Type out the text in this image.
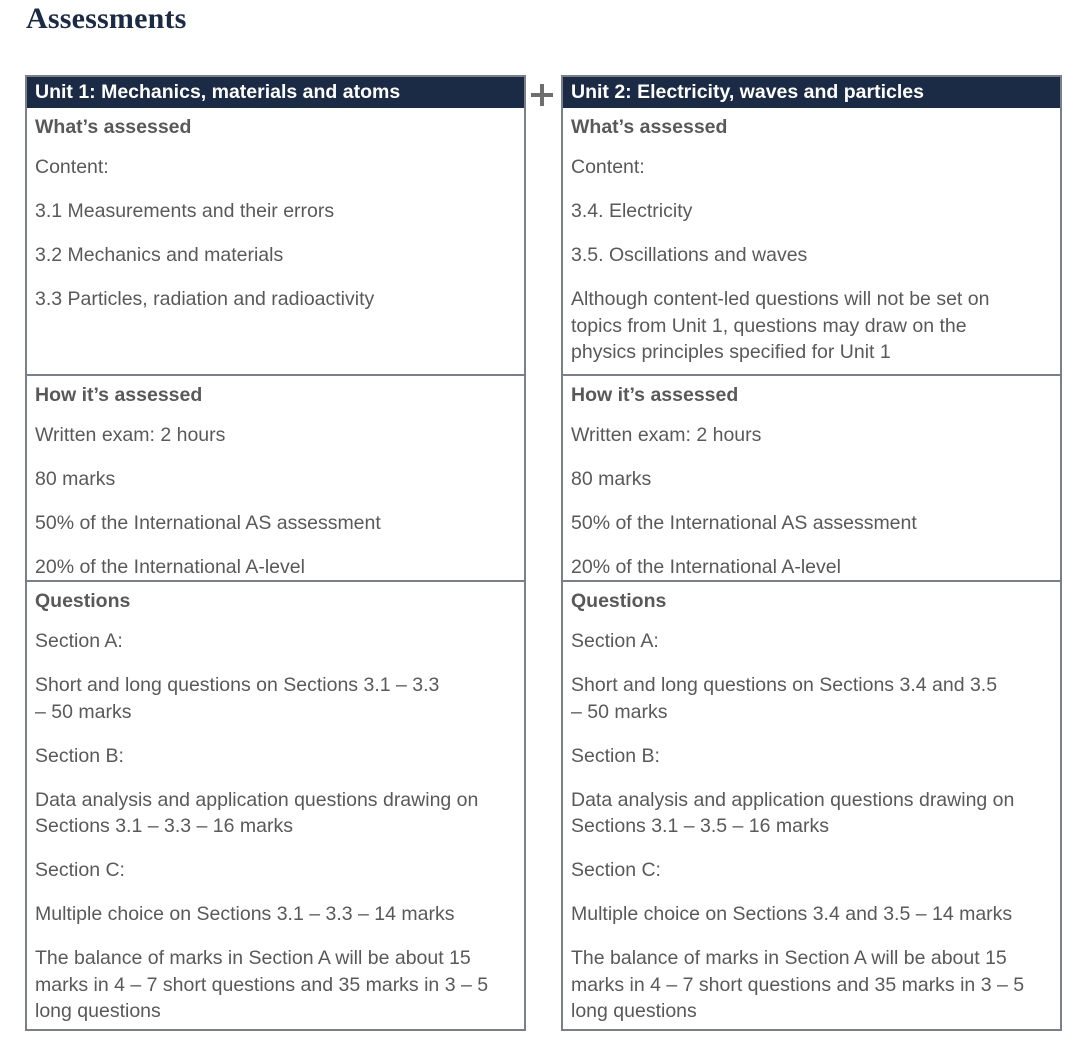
Assessments
Unit 1: Mechanics, materials and atoms
What’s assessed
Content:
3.1 Measurements and their errors
3.2 Mechanics and materials
3.3 Particles, radiation and radioactivity
How it’s assessed
Written exam: 2 hours
80 marks
50% of the International AS assessment
20% of the International A-level
Questions
Section A:
Short and long questions on Sections 3.1 – 3.3
– 50 marks
Section B:
Data analysis and application questions drawing on
Sections 3.1 – 3.3 – 16 marks
Section C:
Multiple choice on Sections 3.1 – 3.3 – 14 marks
The balance of marks in Section A will be about 15
marks in 4 – 7 short questions and 35 marks in 3 – 5
long questions
Unit 2: Electricity, waves and particles
What’s assessed
Content:
3.4. Electricity
3.5. Oscillations and waves
Although content-led questions will not be set on
topics from Unit 1, questions may draw on the
physics principles specified for Unit 1
How it’s assessed
Written exam: 2 hours
80 marks
50% of the International AS assessment
20% of the International A-level
Questions
Section A:
Short and long questions on Sections 3.4 and 3.5
– 50 marks
Section B:
Data analysis and application questions drawing on
Sections 3.1 – 3.5 – 16 marks
Section C:
Multiple choice on Sections 3.4 and 3.5 – 14 marks
The balance of marks in Section A will be about 15
marks in 4 – 7 short questions and 35 marks in 3 – 5
long questions
